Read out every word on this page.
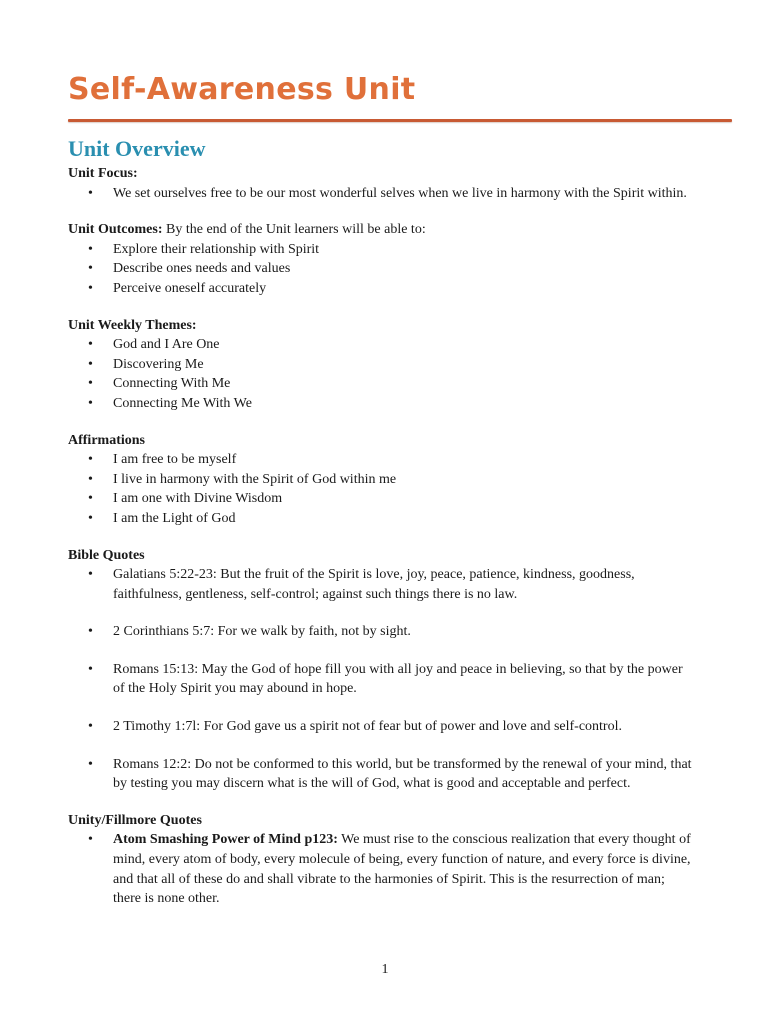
Self-Awareness Unit
Unit Overview
Unit Focus:
• We set ourselves free to be our most wonderful selves when we live in harmony with the Spirit within.
Unit Outcomes: By the end of the Unit learners will be able to:
• Explore their relationship with Spirit
• Describe ones needs and values
• Perceive oneself accurately
Unit Weekly Themes:
• God and I Are One
• Discovering Me
• Connecting With Me
• Connecting Me With We
Affirmations
• I am free to be myself
• I live in harmony with the Spirit of God within me
• I am one with Divine Wisdom
• I am the Light of God
Bible Quotes
• Galatians 5:22-23: But the fruit of the Spirit is love, joy, peace, patience, kindness, goodness, faithfulness, gentleness, self-control; against such things there is no law.
• 2 Corinthians 5:7: For we walk by faith, not by sight.
• Romans 15:13: May the God of hope fill you with all joy and peace in believing, so that by the power of the Holy Spirit you may abound in hope.
• 2 Timothy 1:7l: For God gave us a spirit not of fear but of power and love and self-control.
• Romans 12:2: Do not be conformed to this world, but be transformed by the renewal of your mind, that by testing you may discern what is the will of God, what is good and acceptable and perfect.
Unity/Fillmore Quotes
• Atom Smashing Power of Mind p123: We must rise to the conscious realization that every thought of mind, every atom of body, every molecule of being, every function of nature, and every force is divine, and that all of these do and shall vibrate to the harmonies of Spirit. This is the resurrection of man; there is none other.
1
